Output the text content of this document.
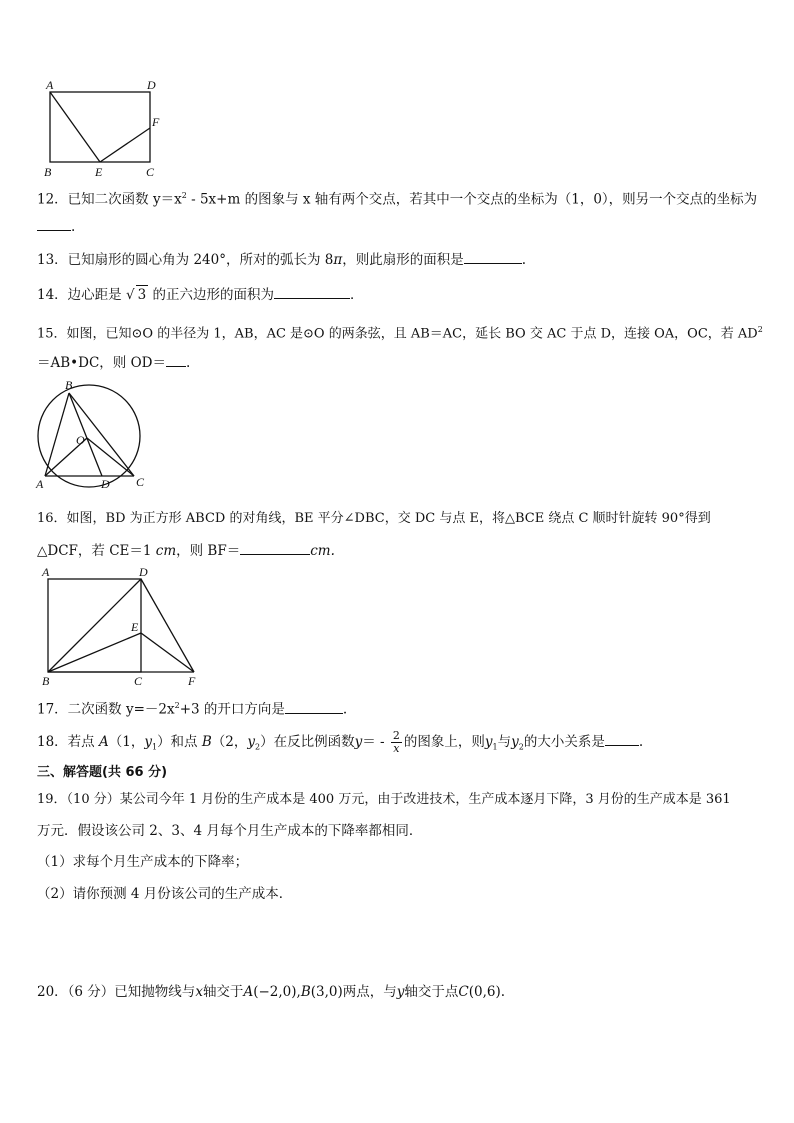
A	D
F
B	E	C
12．已知二次函数 $y=x^2 - 5x+m$ 的图象与 x 轴有两个交点，若其中一个交点的坐标为（1，0），则另一个交点的坐标为
.
13．已知扇形的圆心角为 240°，所对的弧长为 8π，则此扇形的面积是	.
14．边心距是 √ 3 的正六边形的面积为	．
15．如图，已知⊙O 的半径为 1，AB，AC 是⊙O 的两条弦，且 AB＝AC，延长 BO 交 AC 于点 D，连接 OA，OC，若 $AD^2$
＝AB•DC，则 OD＝ .
B
O
A	D C
16．如图，BD 为正方形 ABCD 的对角线，BE 平分∠DBC，交 DC 与点 E，将△BCE 绕点 C 顺时针旋转 90°得到
△DCF，若 CE＝1 cm，则 BF＝	cm.
A	D
E
B	C	F
17．二次函数 $y=-2x^2+3$ 的开口方向是	.
18．若点 A（1，$y_1$）和点 B（2，$y_2$）在反比例函数$y= - \frac{2}{x}$ 的图象上，则$y_1$与$y_2$的大小关系是	.
三、解答题(共 66 分)
19．（10 分）某公司今年 1 月份的生产成本是 400 万元，由于改进技术，生产成本逐月下降，3 月份的生产成本是 361
万元．假设该公司 2、3、4 月每个月生产成本的下降率都相同．
（1）求每个月生产成本的下降率；
（2）请你预测 4 月份该公司的生产成本．
20．（6 分）已知抛物线与x轴交于A(−2,0),B(3,0)两点，与y轴交于点C(0,6).
